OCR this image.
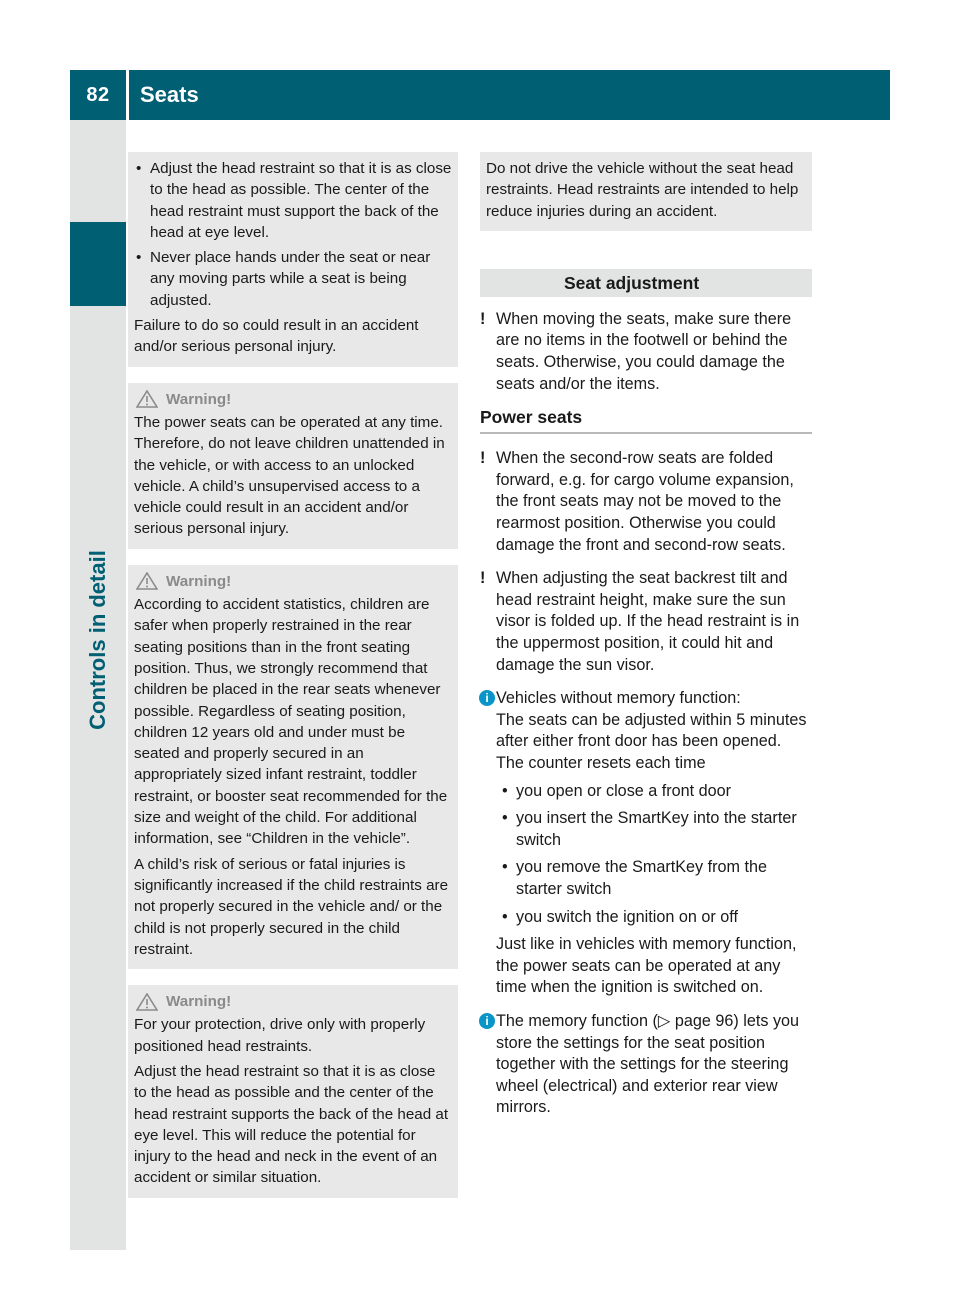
82	Seats
Controls in detail

• Adjust the head restraint so that it is as close to the head as possible. The center of the head restraint must support the back of the head at eye level.

• Never place hands under the seat or near any moving parts while a seat is being adjusted.

Failure to do so could result in an accident and/or serious personal injury.

Warning!

The power seats can be operated at any time. Therefore, do not leave children unattended in the vehicle, or with access to an unlocked vehicle. A child’s unsupervised access to a vehicle could result in an accident and/or serious personal injury.

Warning!

According to accident statistics, children are safer when properly restrained in the rear seating positions than in the front seating position. Thus, we strongly recommend that children be placed in the rear seats whenever possible. Regardless of seating position, children 12 years old and under must be seated and properly secured in an appropriately sized infant restraint, toddler restraint, or booster seat recommended for the size and weight of the child. For additional information, see “Children in the vehicle”.

A child’s risk of serious or fatal injuries is significantly increased if the child restraints are not properly secured in the vehicle and/ or the child is not properly secured in the child restraint.

Warning!

For your protection, drive only with properly positioned head restraints.

Adjust the head restraint so that it is as close to the head as possible and the center of the head restraint supports the back of the head at eye level. This will reduce the potential for injury to the head and neck in the event of an accident or similar situation.

Do not drive the vehicle without the seat head restraints. Head restraints are intended to help reduce injuries during an accident.

Seat adjustment
! When moving the seats, make sure there are no items in the footwell or behind the seats. Otherwise, you could damage the seats and/or the items.

Power seats
! When the second-row seats are folded forward, e.g. for cargo volume expansion, the front seats may not be moved to the rearmost position. Otherwise you could damage the front and second-row seats.

! When adjusting the seat backrest tilt and head restraint height, make sure the sun visor is folded up. If the head restraint is in the uppermost position, it could hit and damage the sun visor.

i Vehicles without memory function:

The seats can be adjusted within 5 minutes after either front door has been opened. The counter resets each time

• you open or close a front door

• you insert the SmartKey into the starter switch

• you remove the SmartKey from the starter switch

• you switch the ignition on or off

Just like in vehicles with memory function, the power seats can be operated at any time when the ignition is switched on.

i The memory function (▷ page 96) lets you store the settings for the seat position together with the settings for the steering wheel (electrical) and exterior rear view mirrors.
